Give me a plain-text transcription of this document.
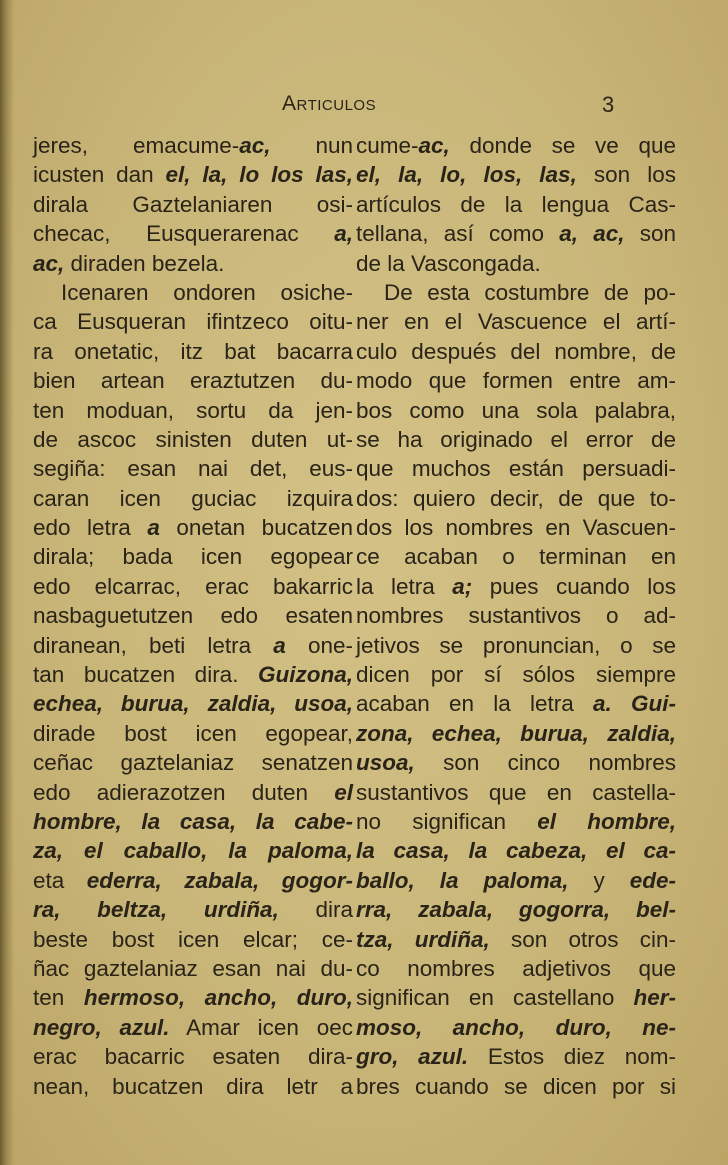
Articulos	3
jeres, emacume-ac, nun
icusten dan el, la, lo los las,
dirala Gaztelaniaren osi-
checac, Eusquerarenac a,
ac, diraden bezela.
Icenaren ondoren osiche-
ca Eusqueran ifintzeco oitu-
ra onetatic, itz bat bacarra
bien artean eraztutzen du-
ten moduan, sortu da jen-
de ascoc sinisten duten ut-
segiña: esan nai det, eus-
caran icen guciac izquira
edo letra a onetan bucatzen
dirala; bada icen egopear
edo elcarrac, erac bakarric
nasbaguetutzen edo esaten
diranean, beti letra a one-
tan bucatzen dira. Guizona,
echea, burua, zaldia, usoa,
dirade bost icen egopear,
ceñac gaztelaniaz senatzen
edo adierazotzen duten el
hombre, la casa, la cabe-
za, el caballo, la paloma,
eta ederra, zabala, gogor-
ra, beltza, urdiña, dira
beste bost icen elcar; ce-
ñac gaztelaniaz esan nai du-
ten hermoso, ancho, duro,
negro, azul. Amar icen oec
erac bacarric esaten dira-
nean, bucatzen dira letr a
cume-ac, donde se ve que
el, la, lo, los, las, son los
artículos de la lengua Cas-
tellana, así como a, ac, son
de la Vascongada.
De esta costumbre de po-
ner en el Vascuence el artí-
culo después del nombre, de
modo que formen entre am-
bos como una sola palabra,
se ha originado el error de
que muchos están persuadi-
dos: quiero decir, de que to-
dos los nombres en Vascuen-
ce acaban o terminan en
la letra a; pues cuando los
nombres sustantivos o ad-
jetivos se pronuncian, o se
dicen por sí sólos siempre
acaban en la letra a. Gui-
zona, echea, burua, zaldia,
usoa, son cinco nombres
sustantivos que en castella-
no significan el hombre,
la casa, la cabeza, el ca-
ballo, la paloma, y ede-
rra, zabala, gogorra, bel-
tza, urdiña, son otros cin-
co nombres adjetivos que
significan en castellano her-
moso, ancho, duro, ne-
gro, azul. Estos diez nom-
bres cuando se dicen por si
